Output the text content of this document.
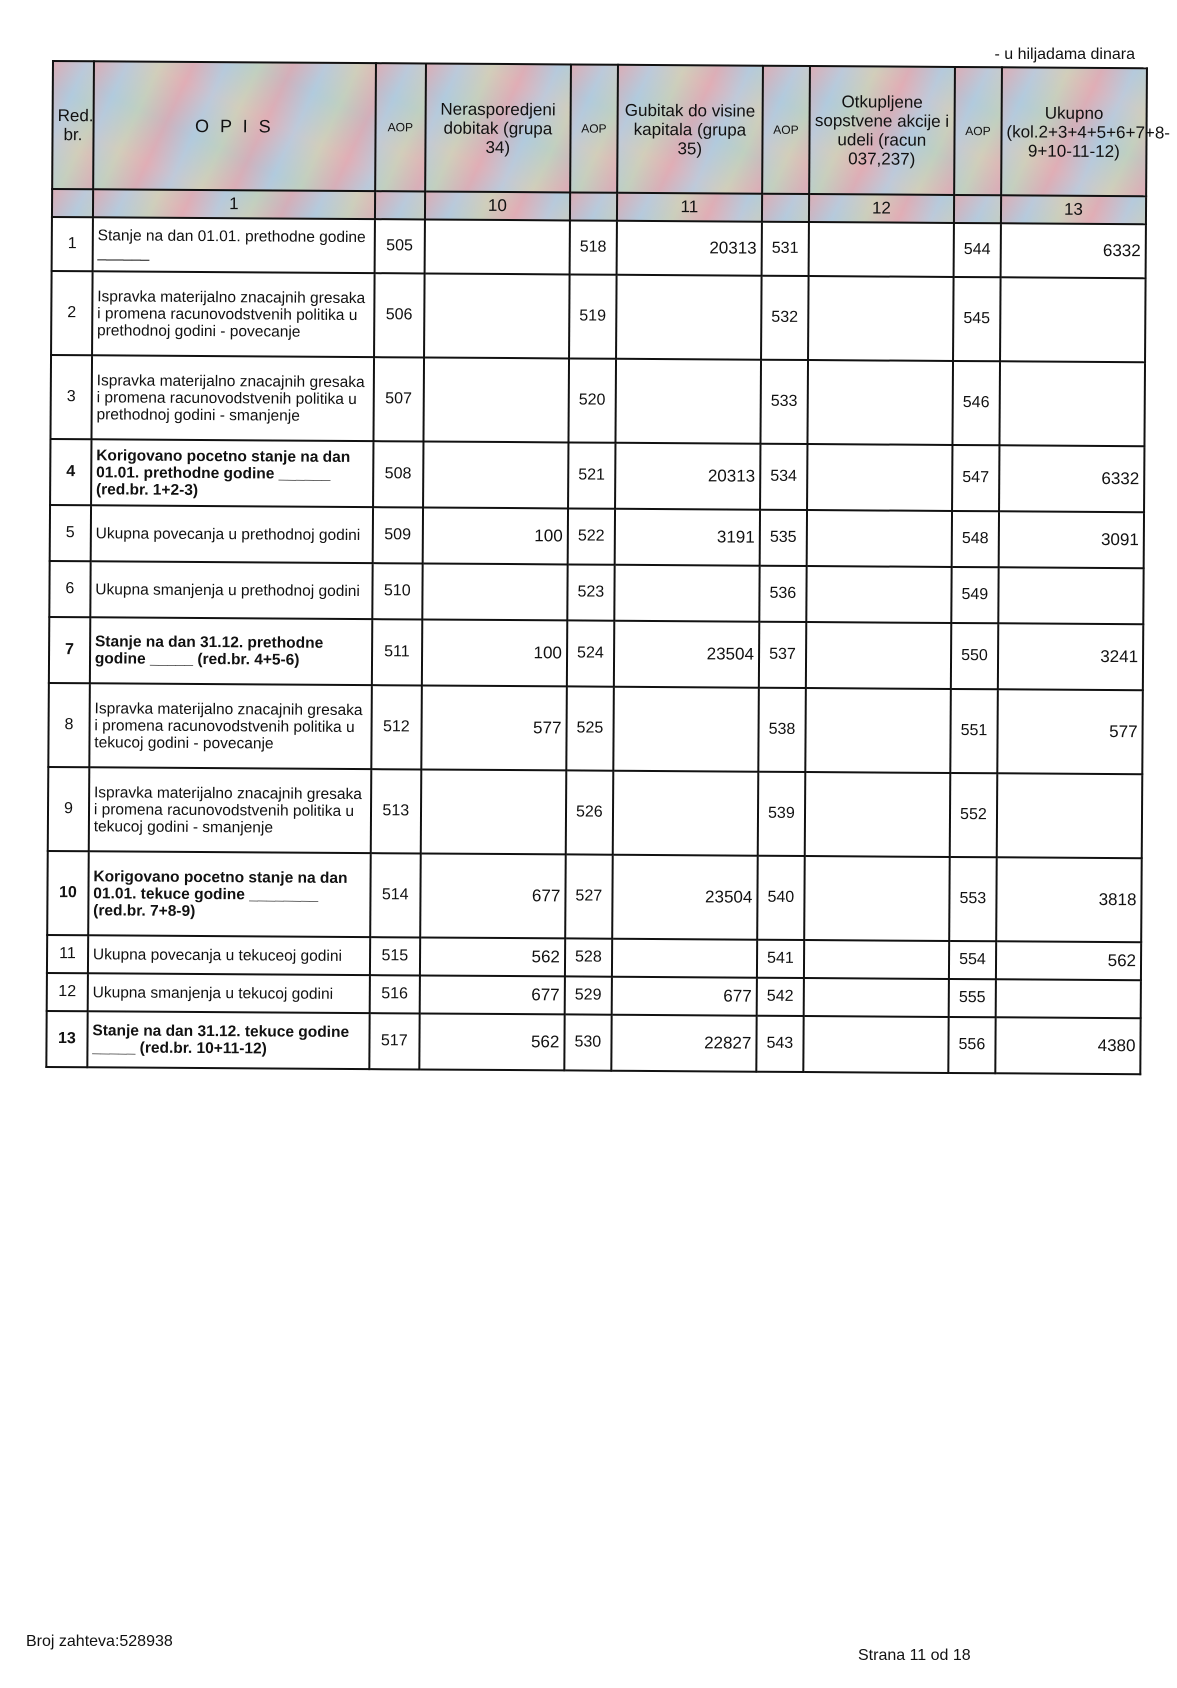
- u hiljadama dinara
Red. br.	O P I S	AOP	Nerasporedjeni dobitak (grupa 34)	AOP	Gubitak do visine kapitala (grupa 35)	AOP	Otkupljene sopstvene akcije i udeli (racun 037,237)	AOP	Ukupno (kol.2+3+4+5+6+7+8-9+10-11-12)
	1		10		11		12		13
1	Stanje na dan 01.01. prethodne godine ______	505		518	20313	531		544	6332
2	Ispravka materijalno znacajnih gresaka i promena racunovodstvenih politika u prethodnoj godini - povecanje	506		519		532		545	
3	Ispravka materijalno znacajnih gresaka i promena racunovodstvenih politika u prethodnoj godini - smanjenje	507		520		533		546	
4	Korigovano pocetno stanje na dan 01.01. prethodne godine ______ (red.br. 1+2-3)	508		521	20313	534		547	6332
5	Ukupna povecanja u prethodnoj godini	509	100	522	3191	535		548	3091
6	Ukupna smanjenja u prethodnoj godini	510		523		536		549	
7	Stanje na dan 31.12. prethodne godine _____ (red.br. 4+5-6)	511	100	524	23504	537		550	3241
8	Ispravka materijalno znacajnih gresaka i promena racunovodstvenih politika u tekucoj godini - povecanje	512	577	525		538		551	577
9	Ispravka materijalno znacajnih gresaka i promena racunovodstvenih politika u tekucoj godini - smanjenje	513		526		539		552	
10	Korigovano pocetno stanje na dan 01.01. tekuce godine ________ (red.br. 7+8-9)	514	677	527	23504	540		553	3818
11	Ukupna povecanja u tekuceoj godini	515	562	528		541		554	562
12	Ukupna smanjenja u tekucoj godini	516	677	529	677	542		555	
13	Stanje na dan 31.12. tekuce godine _____ (red.br. 10+11-12)	517	562	530	22827	543		556	4380
Broj zahteva:528938
Strana 11 od 18
